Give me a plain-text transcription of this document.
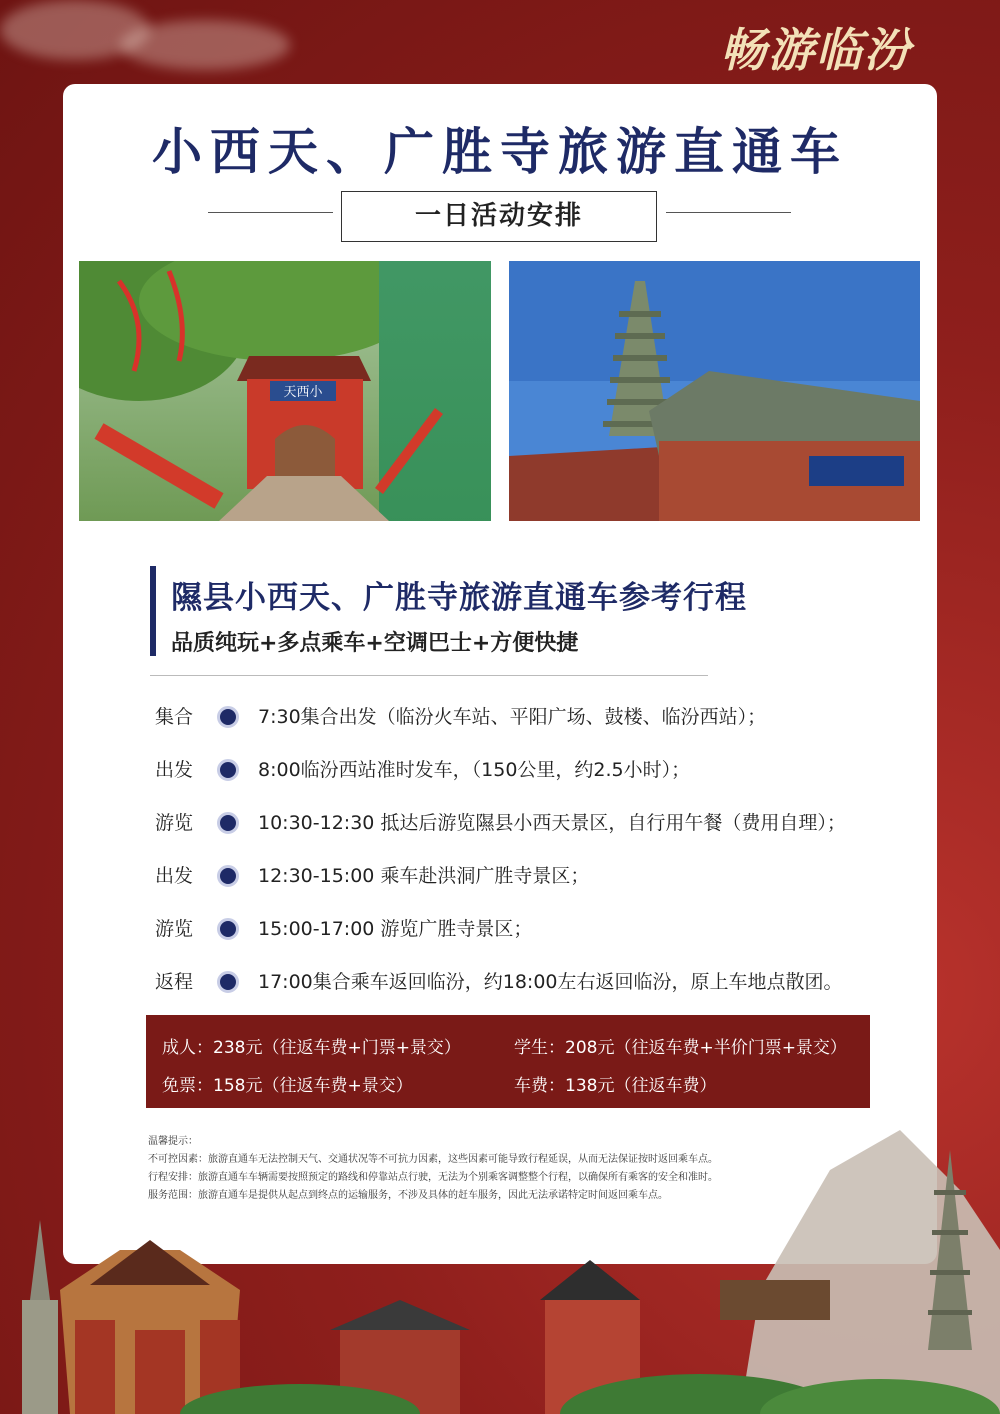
畅游临汾
小西天、广胜寺旅游直通车
一日活动安排
天西小
隰县小西天、广胜寺旅游直通车参考行程
品质纯玩+多点乘车+空调巴士+方便快捷
集合	7:30集合出发（临汾火车站、平阳广场、鼓楼、临汾西站）；
出发	8:00临汾西站准时发车，（150公里，约2.5小时）；
游览	10:30-12:30 抵达后游览隰县小西天景区，自行用午餐（费用自理）；
出发	12:30-15:00 乘车赴洪洞广胜寺景区；
游览	15:00-17:00 游览广胜寺景区；
返程	17:00集合乘车返回临汾，约18:00左右返回临汾，原上车地点散团。
成人：238元（往返车费+门票+景交）	学生：208元（往返车费+半价门票+景交）
免票：158元（往返车费+景交）	车费：138元（往返车费）
温馨提示：
不可控因素：旅游直通车无法控制天气、交通状况等不可抗力因素，这些因素可能导致行程延误，从而无法保证按时返回乘车点。
行程安排：旅游直通车车辆需要按照预定的路线和停靠站点行驶，无法为个别乘客调整整个行程，以确保所有乘客的安全和准时。
服务范围：旅游直通车是提供从起点到终点的运输服务，不涉及具体的赶车服务，因此无法承诺特定时间返回乘车点。
